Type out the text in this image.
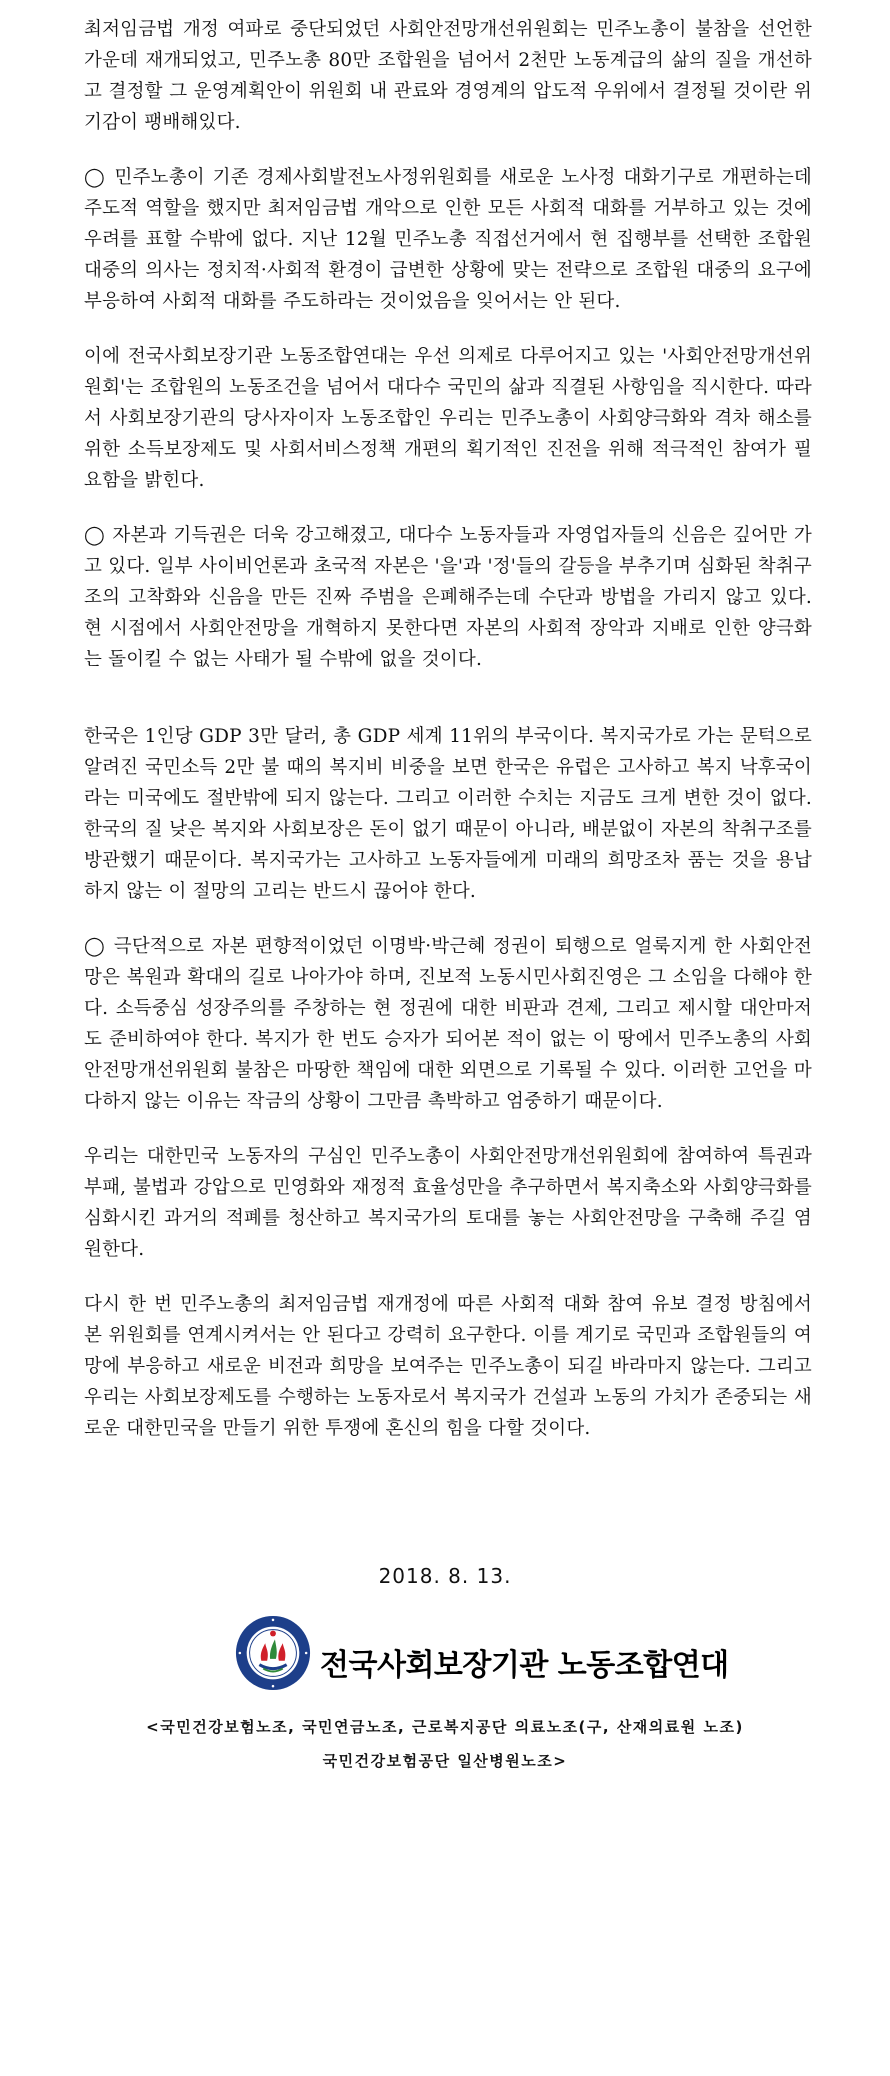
최저임금법 개정 여파로 중단되었던 사회안전망개선위원회는 민주노총이 불참을 선언한 가운데 재개되었고, 민주노총 80만 조합원을 넘어서 2천만 노동계급의 삶의 질을 개선하고 결정할 그 운영계획안이 위원회 내 관료와 경영계의 압도적 우위에서 결정될 것이란 위기감이 팽배해있다.

◯ 민주노총이 기존 경제사회발전노사정위원회를 새로운 노사정 대화기구로 개편하는데 주도적 역할을 했지만 최저임금법 개악으로 인한 모든 사회적 대화를 거부하고 있는 것에 우려를 표할 수밖에 없다. 지난 12월 민주노총 직접선거에서 현 집행부를 선택한 조합원 대중의 의사는 정치적·사회적 환경이 급변한 상황에 맞는 전략으로 조합원 대중의 요구에 부응하여 사회적 대화를 주도하라는 것이었음을 잊어서는 안 된다.

이에 전국사회보장기관 노동조합연대는 우선 의제로 다루어지고 있는 '사회안전망개선위원회'는 조합원의 노동조건을 넘어서 대다수 국민의 삶과 직결된 사항임을 직시한다. 따라서 사회보장기관의 당사자이자 노동조합인 우리는 민주노총이 사회양극화와 격차 해소를 위한 소득보장제도 및 사회서비스정책 개편의 획기적인 진전을 위해 적극적인 참여가 필요함을 밝힌다.

◯ 자본과 기득권은 더욱 강고해졌고, 대다수 노동자들과 자영업자들의 신음은 깊어만 가고 있다. 일부 사이비언론과 초국적 자본은 '을'과 '정'들의 갈등을 부추기며 심화된 착취구조의 고착화와 신음을 만든 진짜 주범을 은폐해주는데 수단과 방법을 가리지 않고 있다. 현 시점에서 사회안전망을 개혁하지 못한다면 자본의 사회적 장악과 지배로 인한 양극화는 돌이킬 수 없는 사태가 될 수밖에 없을 것이다.

한국은 1인당 GDP 3만 달러, 총 GDP 세계 11위의 부국이다. 복지국가로 가는 문턱으로 알려진 국민소득 2만 불 때의 복지비 비중을 보면 한국은 유럽은 고사하고 복지 낙후국이라는 미국에도 절반밖에 되지 않는다. 그리고 이러한 수치는 지금도 크게 변한 것이 없다. 한국의 질 낮은 복지와 사회보장은 돈이 없기 때문이 아니라, 배분없이 자본의 착취구조를 방관했기 때문이다. 복지국가는 고사하고 노동자들에게 미래의 희망조차 품는 것을 용납하지 않는 이 절망의 고리는 반드시 끊어야 한다.

◯ 극단적으로 자본 편향적이었던 이명박·박근혜 정권이 퇴행으로 얼룩지게 한 사회안전망은 복원과 확대의 길로 나아가야 하며, 진보적 노동시민사회진영은 그 소임을 다해야 한다. 소득중심 성장주의를 주창하는 현 정권에 대한 비판과 견제, 그리고 제시할 대안마저도 준비하여야 한다. 복지가 한 번도 승자가 되어본 적이 없는 이 땅에서 민주노총의 사회안전망개선위원회 불참은 마땅한 책임에 대한 외면으로 기록될 수 있다. 이러한 고언을 마다하지 않는 이유는 작금의 상황이 그만큼 촉박하고 엄중하기 때문이다.

우리는 대한민국 노동자의 구심인 민주노총이 사회안전망개선위원회에 참여하여 특권과 부패, 불법과 강압으로 민영화와 재정적 효율성만을 추구하면서 복지축소와 사회양극화를 심화시킨 과거의 적폐를 청산하고 복지국가의 토대를 놓는 사회안전망을 구축해 주길 염원한다.

다시 한 번 민주노총의 최저임금법 재개정에 따른 사회적 대화 참여 유보 결정 방침에서 본 위원회를 연계시켜서는 안 된다고 강력히 요구한다. 이를 계기로 국민과 조합원들의 여망에 부응하고 새로운 비전과 희망을 보여주는 민주노총이 되길 바라마지 않는다. 그리고 우리는 사회보장제도를 수행하는 노동자로서 복지국가 건설과 노동의 가치가 존중되는 새로운 대한민국을 만들기 위한 투쟁에 혼신의 힘을 다할 것이다.

2018. 8. 13.
전국사회보장기관 노동조합연대
<국민건강보험노조, 국민연금노조, 근로복지공단 의료노조(구, 산재의료원 노조)
국민건강보험공단 일산병원노조>
